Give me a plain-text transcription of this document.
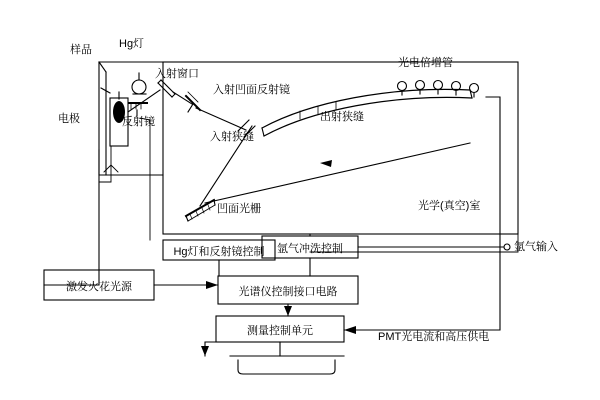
样品 Hg灯
入射窗口
入射凹面反射镜
电极	反射镜
入射狭缝
光电倍增管
出射狭缝
凹面光栅	光学(真空)室
Hg灯和反射镜控制	氩气冲洗控制	氩气输入
激发火花光源	光谱仪控制接口电路
测量控制单元	PMT光电流和高压供电
